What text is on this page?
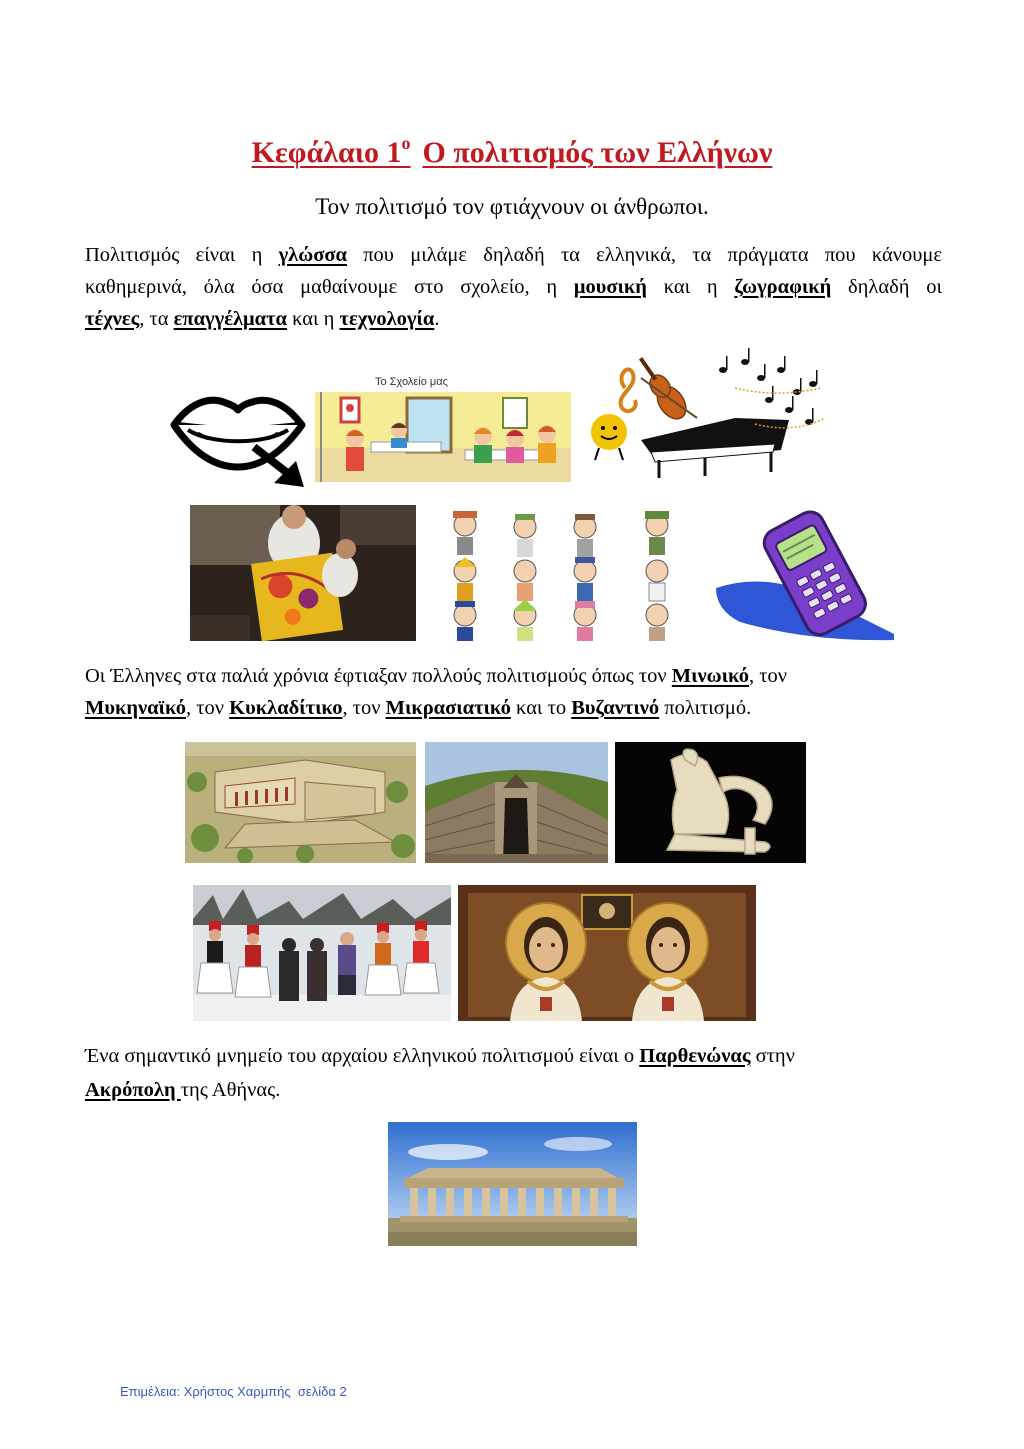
Κεφάλαιο $1^o$ Ο πολιτισμός των Ελλήνων
Τον πολιτισμό τον φτιάχνουν οι άνθρωποι.
Πολιτισμός είναι η γλώσσα που μιλάμε δηλαδή τα ελληνικά, τα πράγματα που κάνουμε
καθημερινά, όλα όσα μαθαίνουμε στο σχολείο, η μουσική και η ζωγραφική δηλαδή οι
τέχνες, τα επαγγέλματα και η τεχνολογία.
Το Σχολείο μας
Οι Έλληνες στα παλιά χρόνια έφτιαξαν πολλούς πολιτισμούς όπως τον Μινωικό, τον
Μυκηναϊκό, τον Κυκλαδίτικο, τον Μικρασιατικό και το Βυζαντινό πολιτισμό.
Ένα σημαντικό μνημείο του αρχαίου ελληνικού πολιτισμού είναι ο Παρθενώνας στην
Ακρόπολη της Αθήνας.
Επιμέλεια: Χρήστος Χαρμπής  σελίδα 2
